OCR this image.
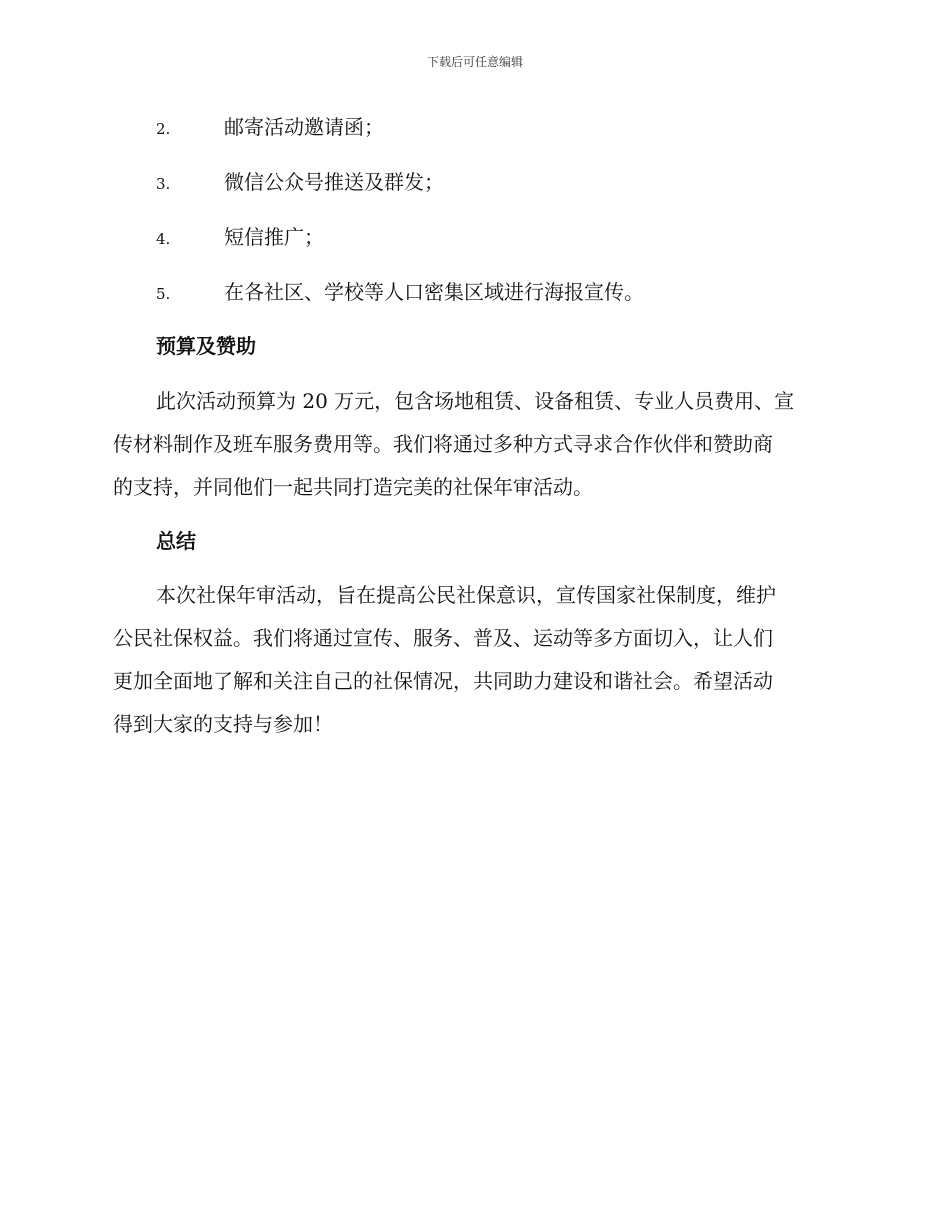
下载后可任意编辑
2.	邮寄活动邀请函；
3.	微信公众号推送及群发；
4.	短信推广；
5.	在各社区、学校等人口密集区域进行海报宣传。
预算及赞助
此次活动预算为 20 万元，包含场地租赁、设备租赁、专业人员费用、宣
传材料制作及班车服务费用等。我们将通过多种方式寻求合作伙伴和赞助商
的支持，并同他们一起共同打造完美的社保年审活动。
总结
本次社保年审活动，旨在提高公民社保意识，宣传国家社保制度，维护
公民社保权益。我们将通过宣传、服务、普及、运动等多方面切入，让人们
更加全面地了解和关注自己的社保情况，共同助力建设和谐社会。希望活动
得到大家的支持与参加！
